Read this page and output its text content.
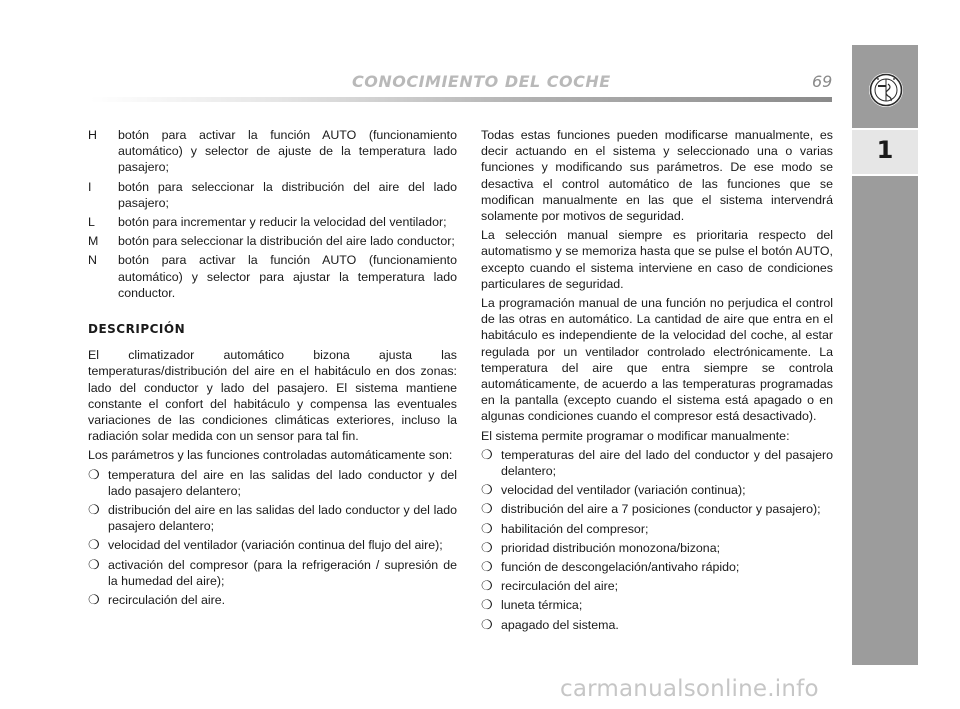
CONOCIMIENTO DEL COCHE	69
1
H	botón para activar la función AUTO (funcionamiento automático) y selector de ajuste de la temperatura lado pasajero;
I	botón para seleccionar la distribución del aire del lado pasajero;
L	botón para incrementar y reducir la velocidad del ventilador;
M	botón para seleccionar la distribución del aire lado conductor;
N	botón para activar la función AUTO (funcionamiento automático) y selector para ajustar la temperatura lado conductor.
DESCRIPCIÓN

El climatizador automático bizona ajusta las temperaturas/distribución del aire en el habitáculo en dos zonas: lado del conductor y lado del pasajero. El sistema mantiene constante el confort del habitáculo y compensa las eventuales variaciones de las condiciones climáticas exteriores, incluso la radiación solar medida con un sensor para tal fin.

Los parámetros y las funciones controladas automáticamente son:

❍ temperatura del aire en las salidas del lado conductor y del lado pasajero delantero;
❍ distribución del aire en las salidas del lado conductor y del lado pasajero delantero;
❍ velocidad del ventilador (variación continua del flujo del aire);
❍ activación del compresor (para la refrigeración / supresión de la humedad del aire);
❍ recirculación del aire.

Todas estas funciones pueden modificarse manualmente, es decir actuando en el sistema y seleccionado una o varias funciones y modificando sus parámetros. De ese modo se desactiva el control automático de las funciones que se modifican manualmente en las que el sistema intervendrá solamente por motivos de seguridad.

La selección manual siempre es prioritaria respecto del automatismo y se memoriza hasta que se pulse el botón AUTO, excepto cuando el sistema interviene en caso de condiciones particulares de seguridad.

La programación manual de una función no perjudica el control de las otras en automático. La cantidad de aire que entra en el habitáculo es independiente de la velocidad del coche, al estar regulada por un ventilador controlado electrónicamente. La temperatura del aire que entra siempre se controla automáticamente, de acuerdo a las temperaturas programadas en la pantalla (excepto cuando el sistema está apagado o en algunas condiciones cuando el compresor está desactivado).

El sistema permite programar o modificar manualmente:

❍ temperaturas del aire del lado del conductor y del pasajero delantero;
❍ velocidad del ventilador (variación continua);
❍ distribución del aire a 7 posiciones (conductor y pasajero);
❍ habilitación del compresor;
❍ prioridad distribución monozona/bizona;
❍ función de descongelación/antivaho rápido;
❍ recirculación del aire;
❍ luneta térmica;
❍ apagado del sistema.
carmanualsonline.info
